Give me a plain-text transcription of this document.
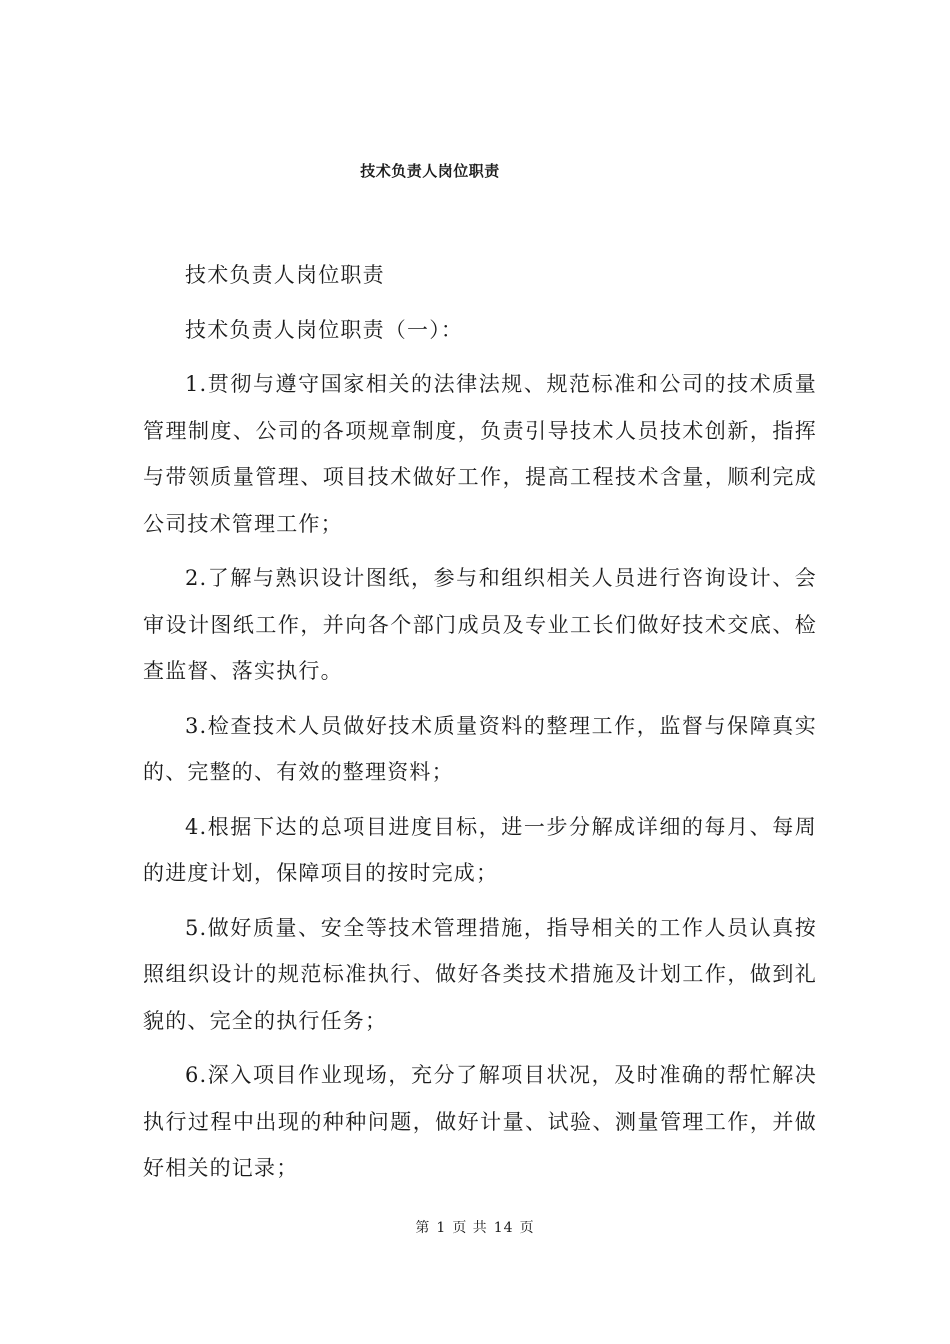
技术负责人岗位职责

技术负责人岗位职责

技术负责人岗位职责（一）：

1.贯彻与遵守国家相关的法律法规、规范标准和公司的技术质量管理制度、公司的各项规章制度，负责引导技术人员技术创新，指挥与带领质量管理、项目技术做好工作，提高工程技术含量，顺利完成公司技术管理工作；

2.了解与熟识设计图纸，参与和组织相关人员进行咨询设计、会审设计图纸工作，并向各个部门成员及专业工长们做好技术交底、检查监督、落实执行。

3.检查技术人员做好技术质量资料的整理工作，监督与保障真实的、完整的、有效的整理资料；

4.根据下达的总项目进度目标，进一步分解成详细的每月、每周的进度计划，保障项目的按时完成；

5.做好质量、安全等技术管理措施，指导相关的工作人员认真按照组织设计的规范标准执行、做好各类技术措施及计划工作，做到礼貌的、完全的执行任务；

6.深入项目作业现场，充分了解项目状况，及时准确的帮忙解决执行过程中出现的种种问题，做好计量、试验、测量管理工作，并做好相关的记录；

第 1 页 共 14 页
